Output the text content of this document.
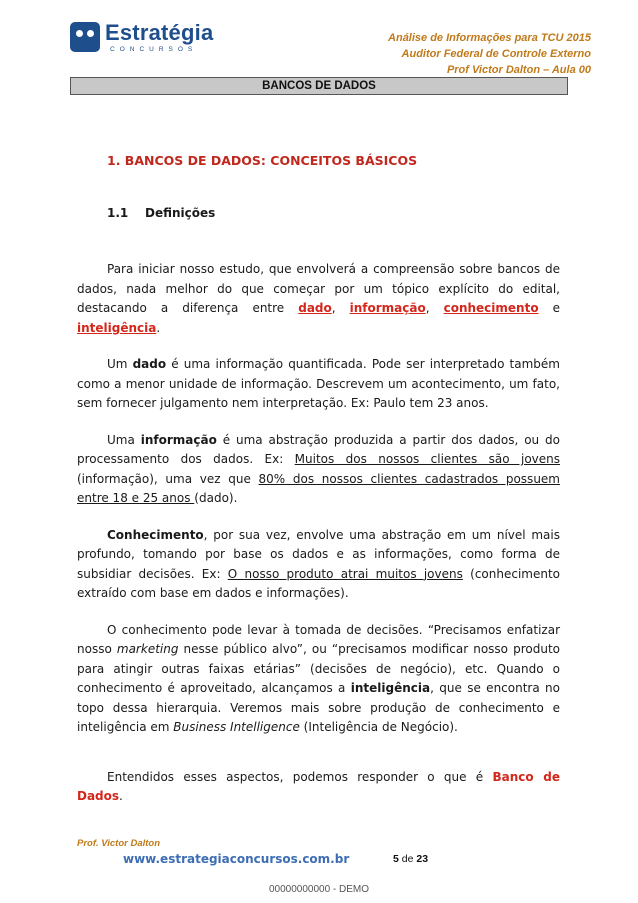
Estratégia
CONCURSOS
Análise de Informações para TCU 2015
Auditor Federal de Controle Externo
Prof Victor Dalton – Aula 00
BANCOS DE DADOS
1. BANCOS DE DADOS: CONCEITOS BÁSICOS
1.1 Definições

Para iniciar nosso estudo, que envolverá a compreensão sobre bancos de dados, nada melhor do que começar por um tópico explícito do edital, destacando a diferença entre dado, informação, conhecimento e inteligência.

Um dado é uma informação quantificada. Pode ser interpretado também como a menor unidade de informação. Descrevem um acontecimento, um fato, sem fornecer julgamento nem interpretação. Ex: Paulo tem 23 anos.

Uma informação é uma abstração produzida a partir dos dados, ou do processamento dos dados. Ex: Muitos dos nossos clientes são jovens (informação), uma vez que 80% dos nossos clientes cadastrados possuem entre 18 e 25 anos (dado).

Conhecimento, por sua vez, envolve uma abstração em um nível mais profundo, tomando por base os dados e as informações, como forma de subsidiar decisões. Ex: O nosso produto atrai muitos jovens (conhecimento extraído com base em dados e informações).

O conhecimento pode levar à tomada de decisões. “Precisamos enfatizar nosso marketing nesse público alvo”, ou “precisamos modificar nosso produto para atingir outras faixas etárias” (decisões de negócio), etc. Quando o conhecimento é aproveitado, alcançamos a inteligência, que se encontra no topo dessa hierarquia. Veremos mais sobre produção de conhecimento e inteligência em Business Intelligence (Inteligência de Negócio).

Entendidos esses aspectos, podemos responder o que é Banco de Dados.

Prof. Victor Dalton
www.estrategiaconcursos.com.br	5 de 23
00000000000 - DEMO
